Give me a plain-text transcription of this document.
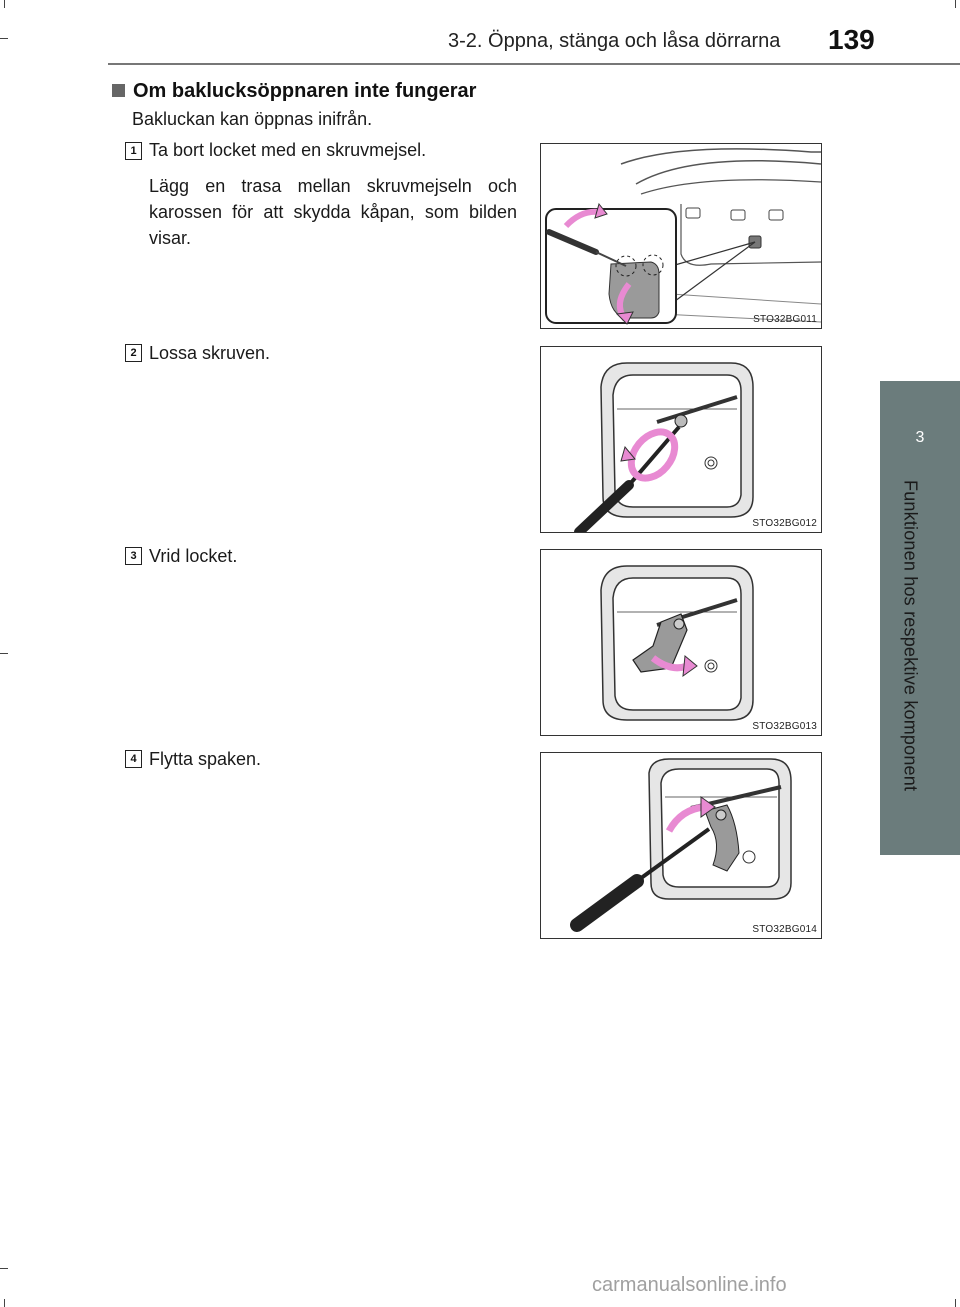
3-2. Öppna, stänga och låsa dörrarna 139
3
Funktionen hos respektive komponent
Om baklucksöppnaren inte fungerar
Bakluckan kan öppnas inifrån.
1 Ta bort locket med en skruvmejsel.
Lägg en trasa mellan skruvmejseln och karossen för att skydda kåpan, som bilden visar.
STO32BG011
2 Lossa skruven.
STO32BG012
3 Vrid locket.
STO32BG013
4 Flytta spaken.
STO32BG014
carmanualsonline.info
